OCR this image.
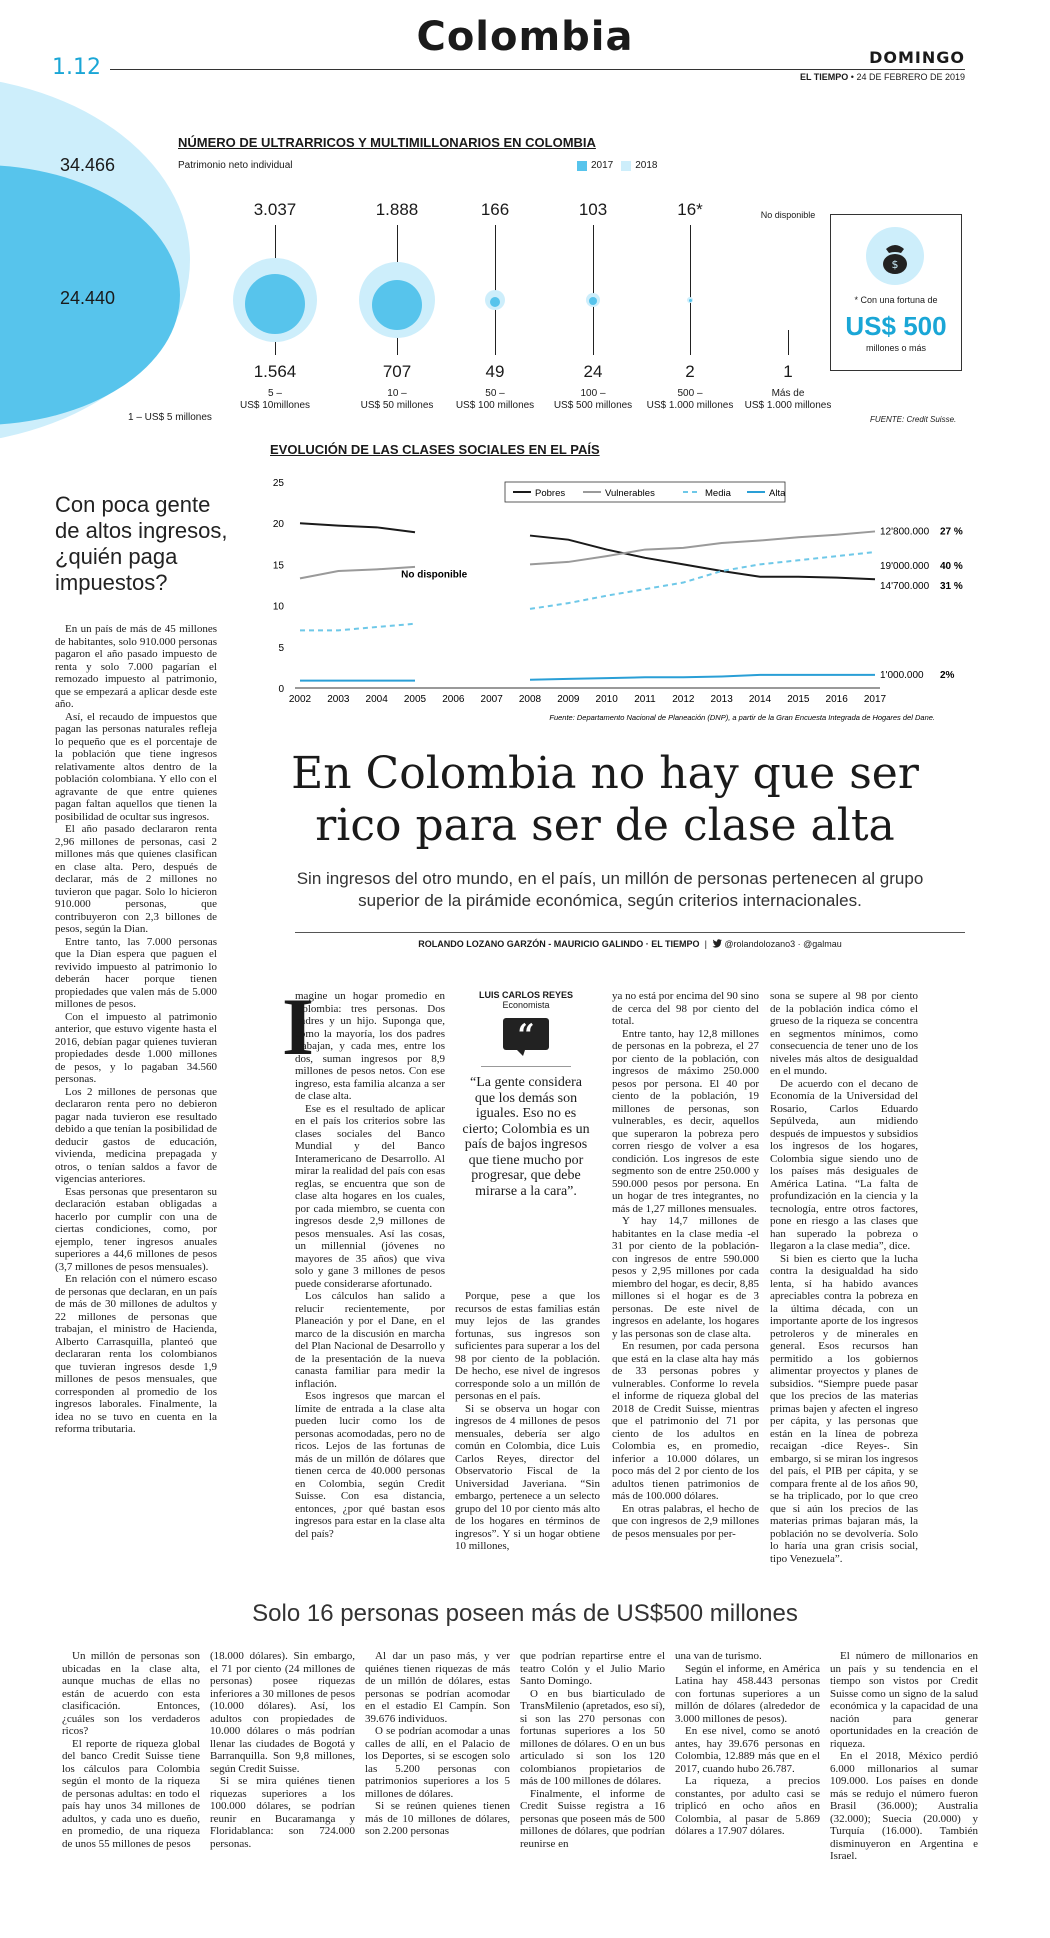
Colombia
1.12	DOMINGO
EL TIEMPO • 24 DE FEBRERO DE 2019
34.466
24.440
1 – US$ 5 millones
NÚMERO DE ULTRARRICOS Y MULTIMILLONARIOS EN COLOMBIA
Patrimonio neto individual	2017 2018
3.037
1.564
5 –
US$ 10millones
1.888
707
10 –
US$ 50 millones
166
49
50 –
US$ 100 millones
103
24
100 –
US$ 500 millones
16*
2
500 –
US$ 1.000 millones
No disponible
1
Más de
US$ 1.000 millones
$
* Con una fortuna de
US$ 500
millones o más
FUENTE: Credit Suisse.
EVOLUCIÓN DE LAS CLASES SOCIALES EN EL PAÍS
0
5
10
15
20
25
2002 2003 2004 2005 2006 2007 2008 2009 2010 2011 2012 2013 2014 2015 2016 2017
No disponible
Pobres	Vulnerables	Media	Alta
12'800.000 27 %
19'000.000 40 %
14'700.000 31 %
1'000.000 2%
Fuente: Departamento Nacional de Planeación (DNP), a partir de la Gran Encuesta Integrada de Hogares del Dane.
Con poca gente de altos ingresos, ¿quién paga impuestos?

En un país de más de 45 millones de habitantes, solo 910.000 personas pagaron el año pasado impuesto de renta y solo 7.000 pagarían el remozado impuesto al patrimonio, que se empezará a aplicar desde este año.

Así, el recaudo de impuestos que pagan las personas naturales refleja lo pequeño que es el porcentaje de la población que tiene ingresos relativamente altos dentro de la población colombiana. Y ello con el agravante de que entre quienes pagan faltan aquellos que tienen la posibilidad de ocultar sus ingresos.

El año pasado declararon renta 2,96 millones de personas, casi 2 millones más que quienes clasifican en clase alta. Pero, después de declarar, más de 2 millones no tuvieron que pagar. Solo lo hicieron 910.000 personas, que contribuyeron con 2,3 billones de pesos, según la Dian.

Entre tanto, las 7.000 personas que la Dian espera que paguen el revivido impuesto al patrimonio lo deberán hacer porque tienen propiedades que valen más de 5.000 millones de pesos.

Con el impuesto al patrimonio anterior, que estuvo vigente hasta el 2016, debían pagar quienes tuvieran propiedades desde 1.000 millones de pesos, y lo pagaban 34.560 personas.

Los 2 millones de personas que declararon renta pero no debieron pagar nada tuvieron ese resultado debido a que tenían la posibilidad de deducir gastos de educación, vivienda, medicina prepagada y otros, o tenían saldos a favor de vigencias anteriores.

Esas personas que presentaron su declaración estaban obligadas a hacerlo por cumplir con una de ciertas condiciones, como, por ejemplo, tener ingresos anuales superiores a 44,6 millones de pesos (3,7 millones de pesos mensuales).

En relación con el número escaso de personas que declaran, en un país de más de 30 millones de adultos y 22 millones de personas que trabajan, el ministro de Hacienda, Alberto Carrasquilla, planteó que declararan renta los colombianos que tuvieran ingresos desde 1,9 millones de pesos mensuales, que corresponden al promedio de los ingresos laborales. Finalmente, la idea no se tuvo en cuenta en la reforma tributaria.

En Colombia no hay que ser rico para ser de clase alta
Sin ingresos del otro mundo, en el país, un millón de personas pertenecen al grupo superior de la pirámide económica, según criterios internacionales.
ROLANDO LOZANO GARZÓN - MAURICIO GALINDO · EL TIEMPO  |   @rolandolozano3 · @galmau
I

magine un hogar promedio en Colombia: tres personas. Dos padres y un hijo. Suponga que, como la mayoría, los dos padres trabajan, y cada mes, entre los dos, suman ingresos por 8,9 millones de pesos netos. Con ese ingreso, esta familia alcanza a ser de clase alta.

Ese es el resultado de aplicar en el país los criterios sobre las clases sociales del Banco Mundial y del Banco Interamericano de Desarrollo. Al mirar la realidad del país con esas reglas, se encuentra que son de clase alta hogares en los cuales, por cada miembro, se cuenta con ingresos desde 2,9 millones de pesos mensuales. Así las cosas, un millennial (jóvenes no mayores de 35 años) que viva solo y gane 3 millones de pesos puede considerarse afortunado.

Los cálculos han salido a relucir recientemente, por Planeación y por el Dane, en el marco de la discusión en marcha del Plan Nacional de Desarrollo y de la presentación de la nueva canasta familiar para medir la inflación.

Esos ingresos que marcan el límite de entrada a la clase alta pueden lucir como los de personas acomodadas, pero no de ricos. Lejos de las fortunas de más de un millón de dólares que tienen cerca de 40.000 personas en Colombia, según Credit Suisse. Con esa distancia, entonces, ¿por qué bastan esos ingresos para estar en la clase alta del país?

LUIS CARLOS REYES
Economista
“
“La gente considera que los demás son iguales. Eso no es cierto; Colombia es un país de bajos ingresos que tiene mucho por progresar, que debe mirarse a la cara”.

Porque, pese a que los recursos de estas familias están muy lejos de las grandes fortunas, sus ingresos son suficientes para superar a los del 98 por ciento de la población. De hecho, ese nivel de ingresos corresponde solo a un millón de personas en el país.

Si se observa un hogar con ingresos de 4 millones de pesos mensuales, debería ser algo común en Colombia, dice Luis Carlos Reyes, director del Observatorio Fiscal de la Universidad Javeriana. “Sin embargo, pertenece a un selecto grupo del 10 por ciento más alto de los hogares en términos de ingresos”. Y si un hogar obtiene 10 millones,

ya no está por encima del 90 sino de cerca del 98 por ciento del total.

Entre tanto, hay 12,8 millones de personas en la pobreza, el 27 por ciento de la población, con ingresos de máximo 250.000 pesos por persona. El 40 por ciento de la población, 19 millones de personas, son vulnerables, es decir, aquellos que superaron la pobreza pero corren riesgo de volver a esa condición. Los ingresos de este segmento son de entre 250.000 y 590.000 pesos por persona. En un hogar de tres integrantes, no más de 1,27 millones mensuales.

Y hay 14,7 millones de habitantes en la clase media -el 31 por ciento de la población- con ingresos de entre 590.000 pesos y 2,95 millones por cada miembro del hogar, es decir, 8,85 millones si el hogar es de 3 personas. De este nivel de ingresos en adelante, los hogares y las personas son de clase alta.

En resumen, por cada persona que está en la clase alta hay más de 33 personas pobres y vulnerables. Conforme lo revela el informe de riqueza global del 2018 de Credit Suisse, mientras que el patrimonio del 71 por ciento de los adultos en Colombia es, en promedio, inferior a 10.000 dólares, un poco más del 2 por ciento de los adultos tienen patrimonios de más de 100.000 dólares.

En otras palabras, el hecho de que con ingresos de 2,9 millones de pesos mensuales por per-

sona se supere al 98 por ciento de la población indica cómo el grueso de la riqueza se concentra en segmentos mínimos, como consecuencia de tener uno de los niveles más altos de desigualdad en el mundo.

De acuerdo con el decano de Economía de la Universidad del Rosario, Carlos Eduardo Sepúlveda, aun midiendo después de impuestos y subsidios los ingresos de los hogares, Colombia sigue siendo uno de los países más desiguales de América Latina. “La falta de profundización en la ciencia y la tecnología, entre otros factores, pone en riesgo a las clases que han superado la pobreza o llegaron a la clase media”, dice.

Si bien es cierto que la lucha contra la desigualdad ha sido lenta, sí ha habido avances apreciables contra la pobreza en la última década, con un importante aporte de los ingresos petroleros y de minerales en general. Esos recursos han permitido a los gobiernos alimentar proyectos y planes de subsidios. “Siempre puede pasar que los precios de las materias primas bajen y afecten el ingreso per cápita, y las personas que están en la línea de pobreza recaigan -dice Reyes-. Sin embargo, si se miran los ingresos del país, el PIB per cápita, y se compara frente al de los años 90, se ha triplicado, por lo que creo que si aún los precios de las materias primas bajaran más, la población no se devolvería. Solo lo haría una gran crisis social, tipo Venezuela”.

Solo 16 personas poseen más de US$500 millones

Un millón de personas son ubicadas en la clase alta, aunque muchas de ellas no están de acuerdo con esta clasificación. Entonces, ¿cuáles son los verdaderos ricos?

El reporte de riqueza global del banco Credit Suisse tiene los cálculos para Colombia según el monto de la riqueza de personas adultas: en todo el país hay unos 34 millones de adultos, y cada uno es dueño, en promedio, de una riqueza de unos 55 millones de pesos

(18.000 dólares). Sin embargo, el 71 por ciento (24 millones de personas) posee riquezas inferiores a 30 millones de pesos (10.000 dólares). Así, los adultos con propiedades de 10.000 dólares o más podrían llenar las ciudades de Bogotá y Barranquilla. Son 9,8 millones, según Credit Suisse.

Si se mira quiénes tienen riquezas superiores a los 100.000 dólares, se podrían reunir en Bucaramanga y Floridablanca: son 724.000 personas.

Al dar un paso más, y ver quiénes tienen riquezas de más de un millón de dólares, estas personas se podrían acomodar en el estadio El Campín. Son 39.676 individuos.

O se podrían acomodar a unas calles de allí, en el Palacio de los Deportes, si se escogen solo las 5.200 personas con patrimonios superiores a los 5 millones de dólares.

Si se reúnen quienes tienen más de 10 millones de dólares, son 2.200 personas

que podrían repartirse entre el teatro Colón y el Julio Mario Santo Domingo.

O en bus biarticulado de TransMilenio (apretados, eso sí), si son las 270 personas con fortunas superiores a los 50 millones de dólares. O en un bus articulado si son los 120 colombianos propietarios de más de 100 millones de dólares.

Finalmente, el informe de Credit Suisse registra a 16 personas que poseen más de 500 millones de dólares, que podrían reunirse en

una van de turismo.

Según el informe, en América Latina hay 458.443 personas con fortunas superiores a un millón de dólares (alrededor de 3.000 millones de pesos).

En ese nivel, como se anotó antes, hay 39.676 personas en Colombia, 12.889 más que en el 2017, cuando hubo 26.787.

La riqueza, a precios constantes, por adulto casi se triplicó en ocho años en Colombia, al pasar de 5.869 dólares a 17.907 dólares.

El número de millonarios en un país y su tendencia en el tiempo son vistos por Credit Suisse como un signo de la salud económica y la capacidad de una nación para generar oportunidades en la creación de riqueza.

En el 2018, México perdió 6.000 millonarios al sumar 109.000. Los países en donde más se redujo el número fueron Brasil (36.000); Australia (32.000); Suecia (20.000) y Turquía (16.000). También disminuyeron en Argentina e Israel.
